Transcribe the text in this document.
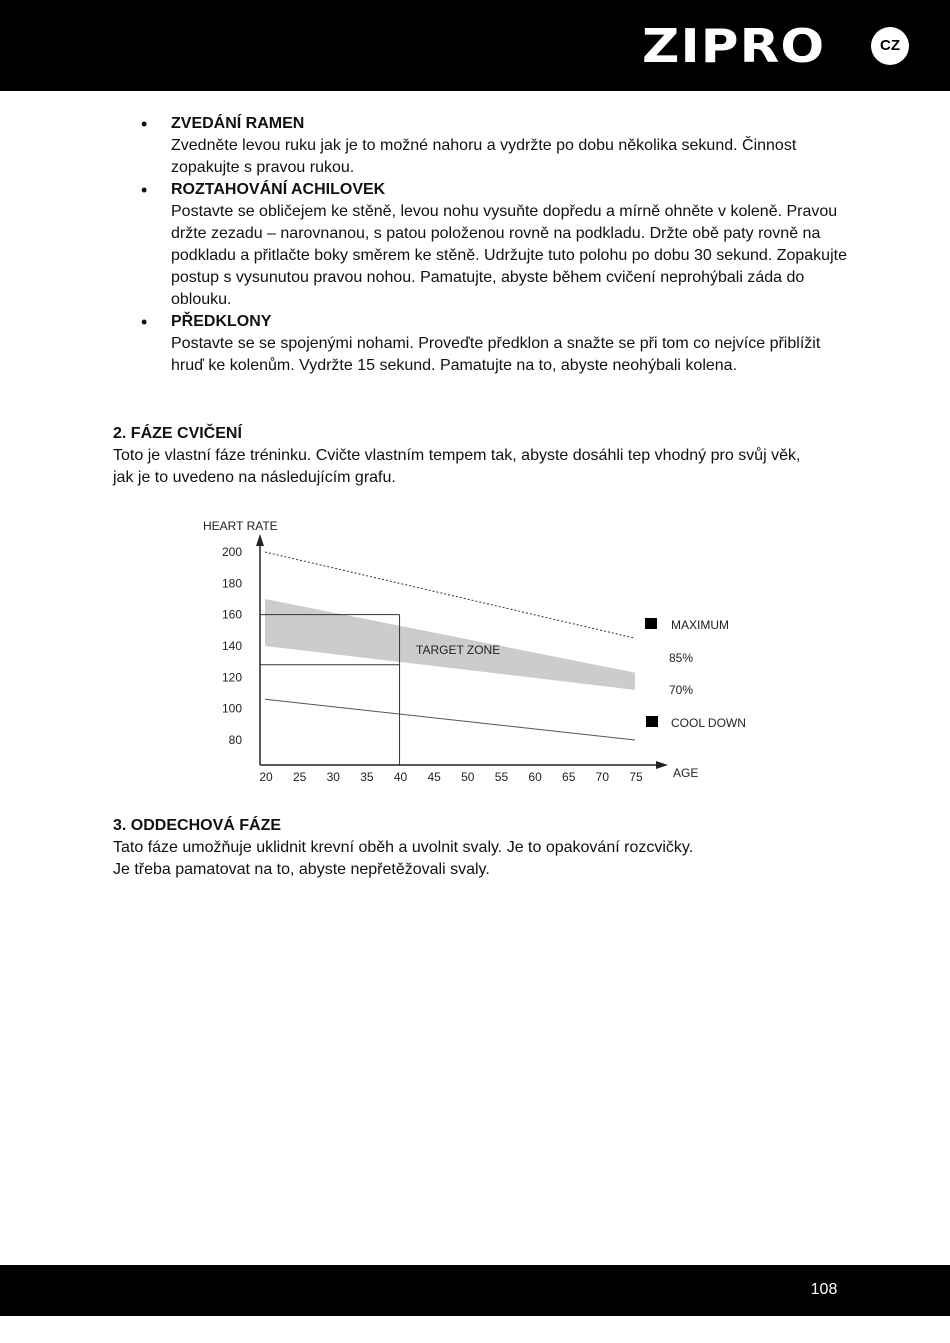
ZIPRO	CZ
• ZVEDÁNÍ RAMEN
Zvedněte levou ruku jak je to možné nahoru a vydržte po dobu několika sekund. Činnost zopakujte s pravou rukou.
• ROZTAHOVÁNÍ ACHILOVEK
Postavte se obličejem ke stěně, levou nohu vysuňte dopředu a mírně ohněte v koleně. Pravou držte zezadu – narovnanou, s patou položenou rovně na podkladu. Držte obě paty rovně na podkladu a přitlačte boky směrem ke stěně. Udržujte tuto polohu po dobu 30 sekund. Zopakujte postup s vysunutou pravou nohou. Pamatujte, abyste během cvičení neprohýbali záda do oblouku.
• PŘEDKLONY
Postavte se se spojenými nohami. Proveďte předklon a snažte se při tom co nejvíce přiblížit hruď ke kolenům. Vydržte 15 sekund. Pamatujte na to, abyste neohýbali kolena.
2. FÁZE CVIČENÍ

Toto je vlastní fáze tréninku. Cvičte vlastním tempem tak, abyste dosáhli tep vhodný pro svůj věk,
jak je to uvedeno na následujícím grafu.

HEART RATE
AGE
200
180
160
140
120
100
80
20 25 30 35 40 45 50 55 60 65 70 75
TARGET ZONE
MAXIMUM
85%
70%
COOL DOWN
3. ODDECHOVÁ FÁZE

Tato fáze umožňuje uklidnit krevní oběh a uvolnit svaly. Je to opakování rozcvičky.
Je třeba pamatovat na to, abyste nepřetěžovali svaly.

108
